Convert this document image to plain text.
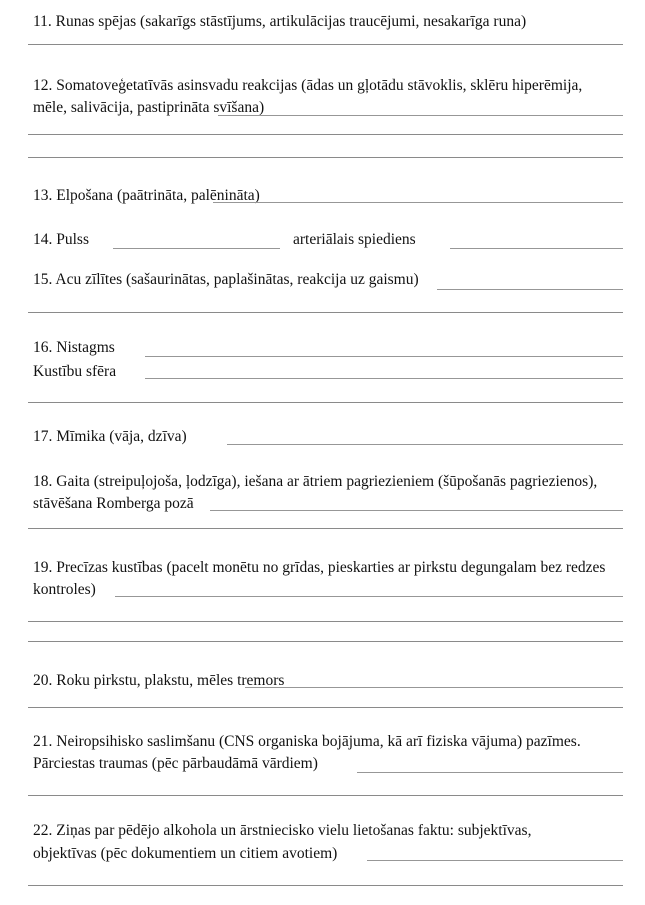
11. Runas spējas (sakarīgs stāstījums, artikulācijas traucējumi, nesakarīga runa)
12. Somatoveģetatīvās asinsvadu reakcijas (ādas un gļotādu stāvoklis, sklēru hiperēmija,
mēle, salivācija, pastiprināta svīšana)
13. Elpošana (paātrināta, palēnināta)
14. Pulss	arteriālais spiediens
15. Acu zīlītes (sašaurinātas, paplašinātas, reakcija uz gaismu)
16. Nistagms
Kustību sfēra
17. Mīmika (vāja, dzīva)
18. Gaita (streipuļojoša, ļodzīga), iešana ar ātriem pagriezieniem (šūpošanās pagriezienos),
stāvēšana Romberga pozā
19. Precīzas kustības (pacelt monētu no grīdas, pieskarties ar pirkstu degungalam bez redzes
kontroles)
20. Roku pirkstu, plakstu, mēles tremors
21. Neiropsihisko saslimšanu (CNS organiska bojājuma, kā arī fiziska vājuma) pazīmes.
Pārciestas traumas (pēc pārbaudāmā vārdiem)
22. Ziņas par pēdējo alkohola un ārstniecisko vielu lietošanas faktu: subjektīvas,
objektīvas (pēc dokumentiem un citiem avotiem)
